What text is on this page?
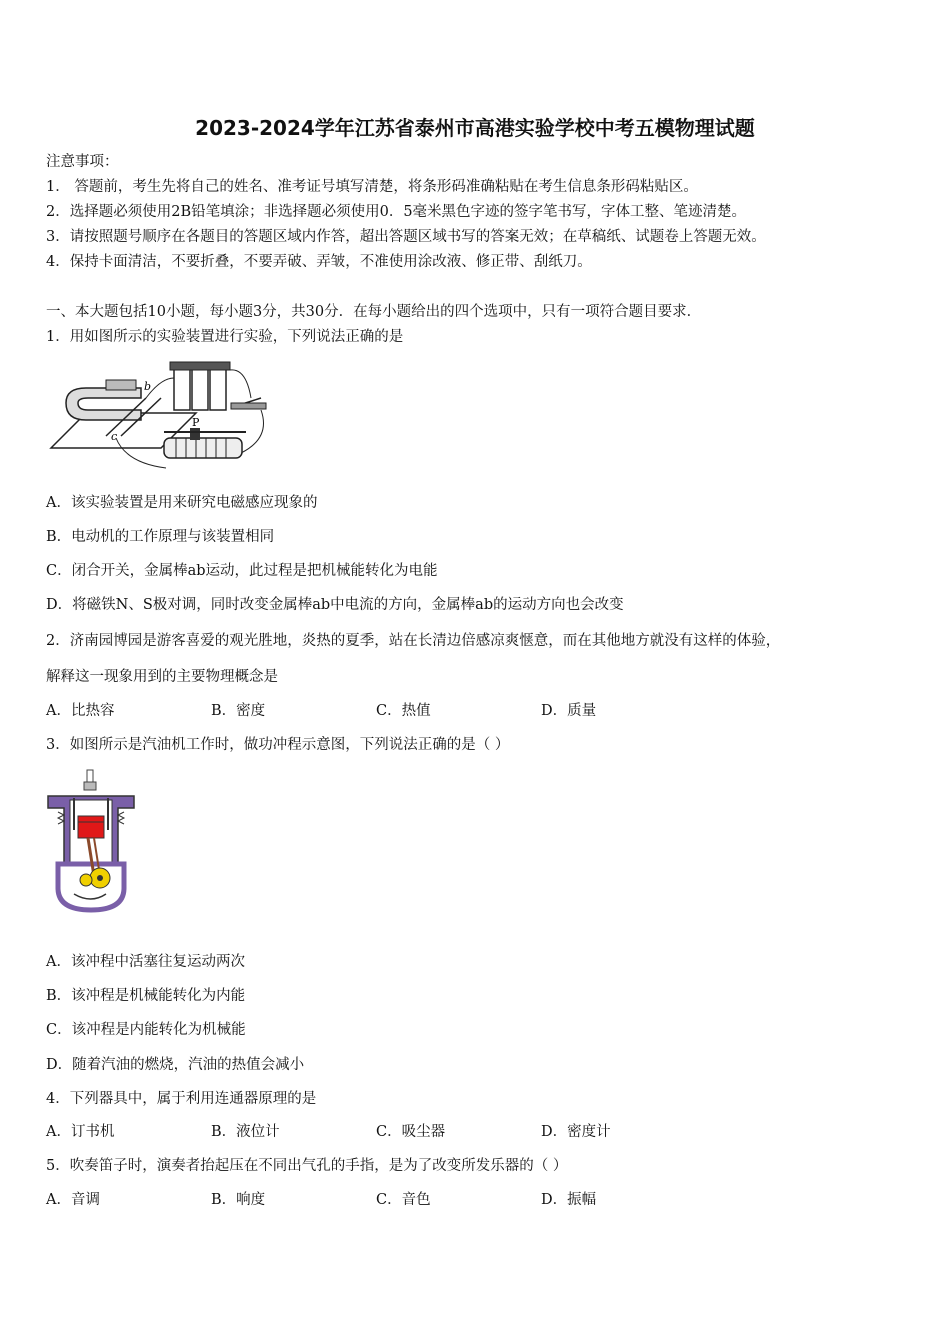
2023-2024学年江苏省泰州市高港实验学校中考五模物理试题
注意事项：
1． 答题前，考生先将自己的姓名、准考证号填写清楚，将条形码准确粘贴在考生信息条形码粘贴区。
2．选择题必须使用2B铅笔填涂；非选择题必须使用0．5毫米黑色字迹的签字笔书写，字体工整、笔迹清楚。
3．请按照题号顺序在各题目的答题区域内作答，超出答题区域书写的答案无效；在草稿纸、试题卷上答题无效。
4．保持卡面清洁，不要折叠，不要弄破、弄皱，不准使用涂改液、修正带、刮纸刀。
一、本大题包括10小题，每小题3分，共30分．在每小题给出的四个选项中，只有一项符合题目要求．
1．用如图所示的实验装置进行实验，下列说法正确的是
b
c
P
A．该实验装置是用来研究电磁感应现象的
B．电动机的工作原理与该装置相同
C．闭合开关，金属棒ab运动，此过程是把机械能转化为电能
D．将磁铁N、S极对调，同时改变金属棒ab中电流的方向，金属棒ab的运动方向也会改变
2．济南园博园是游客喜爱的观光胜地，炎热的夏季，站在长清边倍感凉爽惬意，而在其他地方就没有这样的体验，
解释这一现象用到的主要物理概念是
A．比热容	B．密度	C．热值	D．质量
3．如图所示是汽油机工作时，做功冲程示意图，下列说法正确的是（ ）
A．该冲程中活塞往复运动两次
B．该冲程是机械能转化为内能
C．该冲程是内能转化为机械能
D．随着汽油的燃烧，汽油的热值会减小
4．下列器具中，属于利用连通器原理的是
A．订书机	B．液位计	C．吸尘器	D．密度计
5．吹奏笛子时，演奏者抬起压在不同出气孔的手指，是为了改变所发乐器的（ ）
A．音调	B．响度	C．音色	D．振幅
